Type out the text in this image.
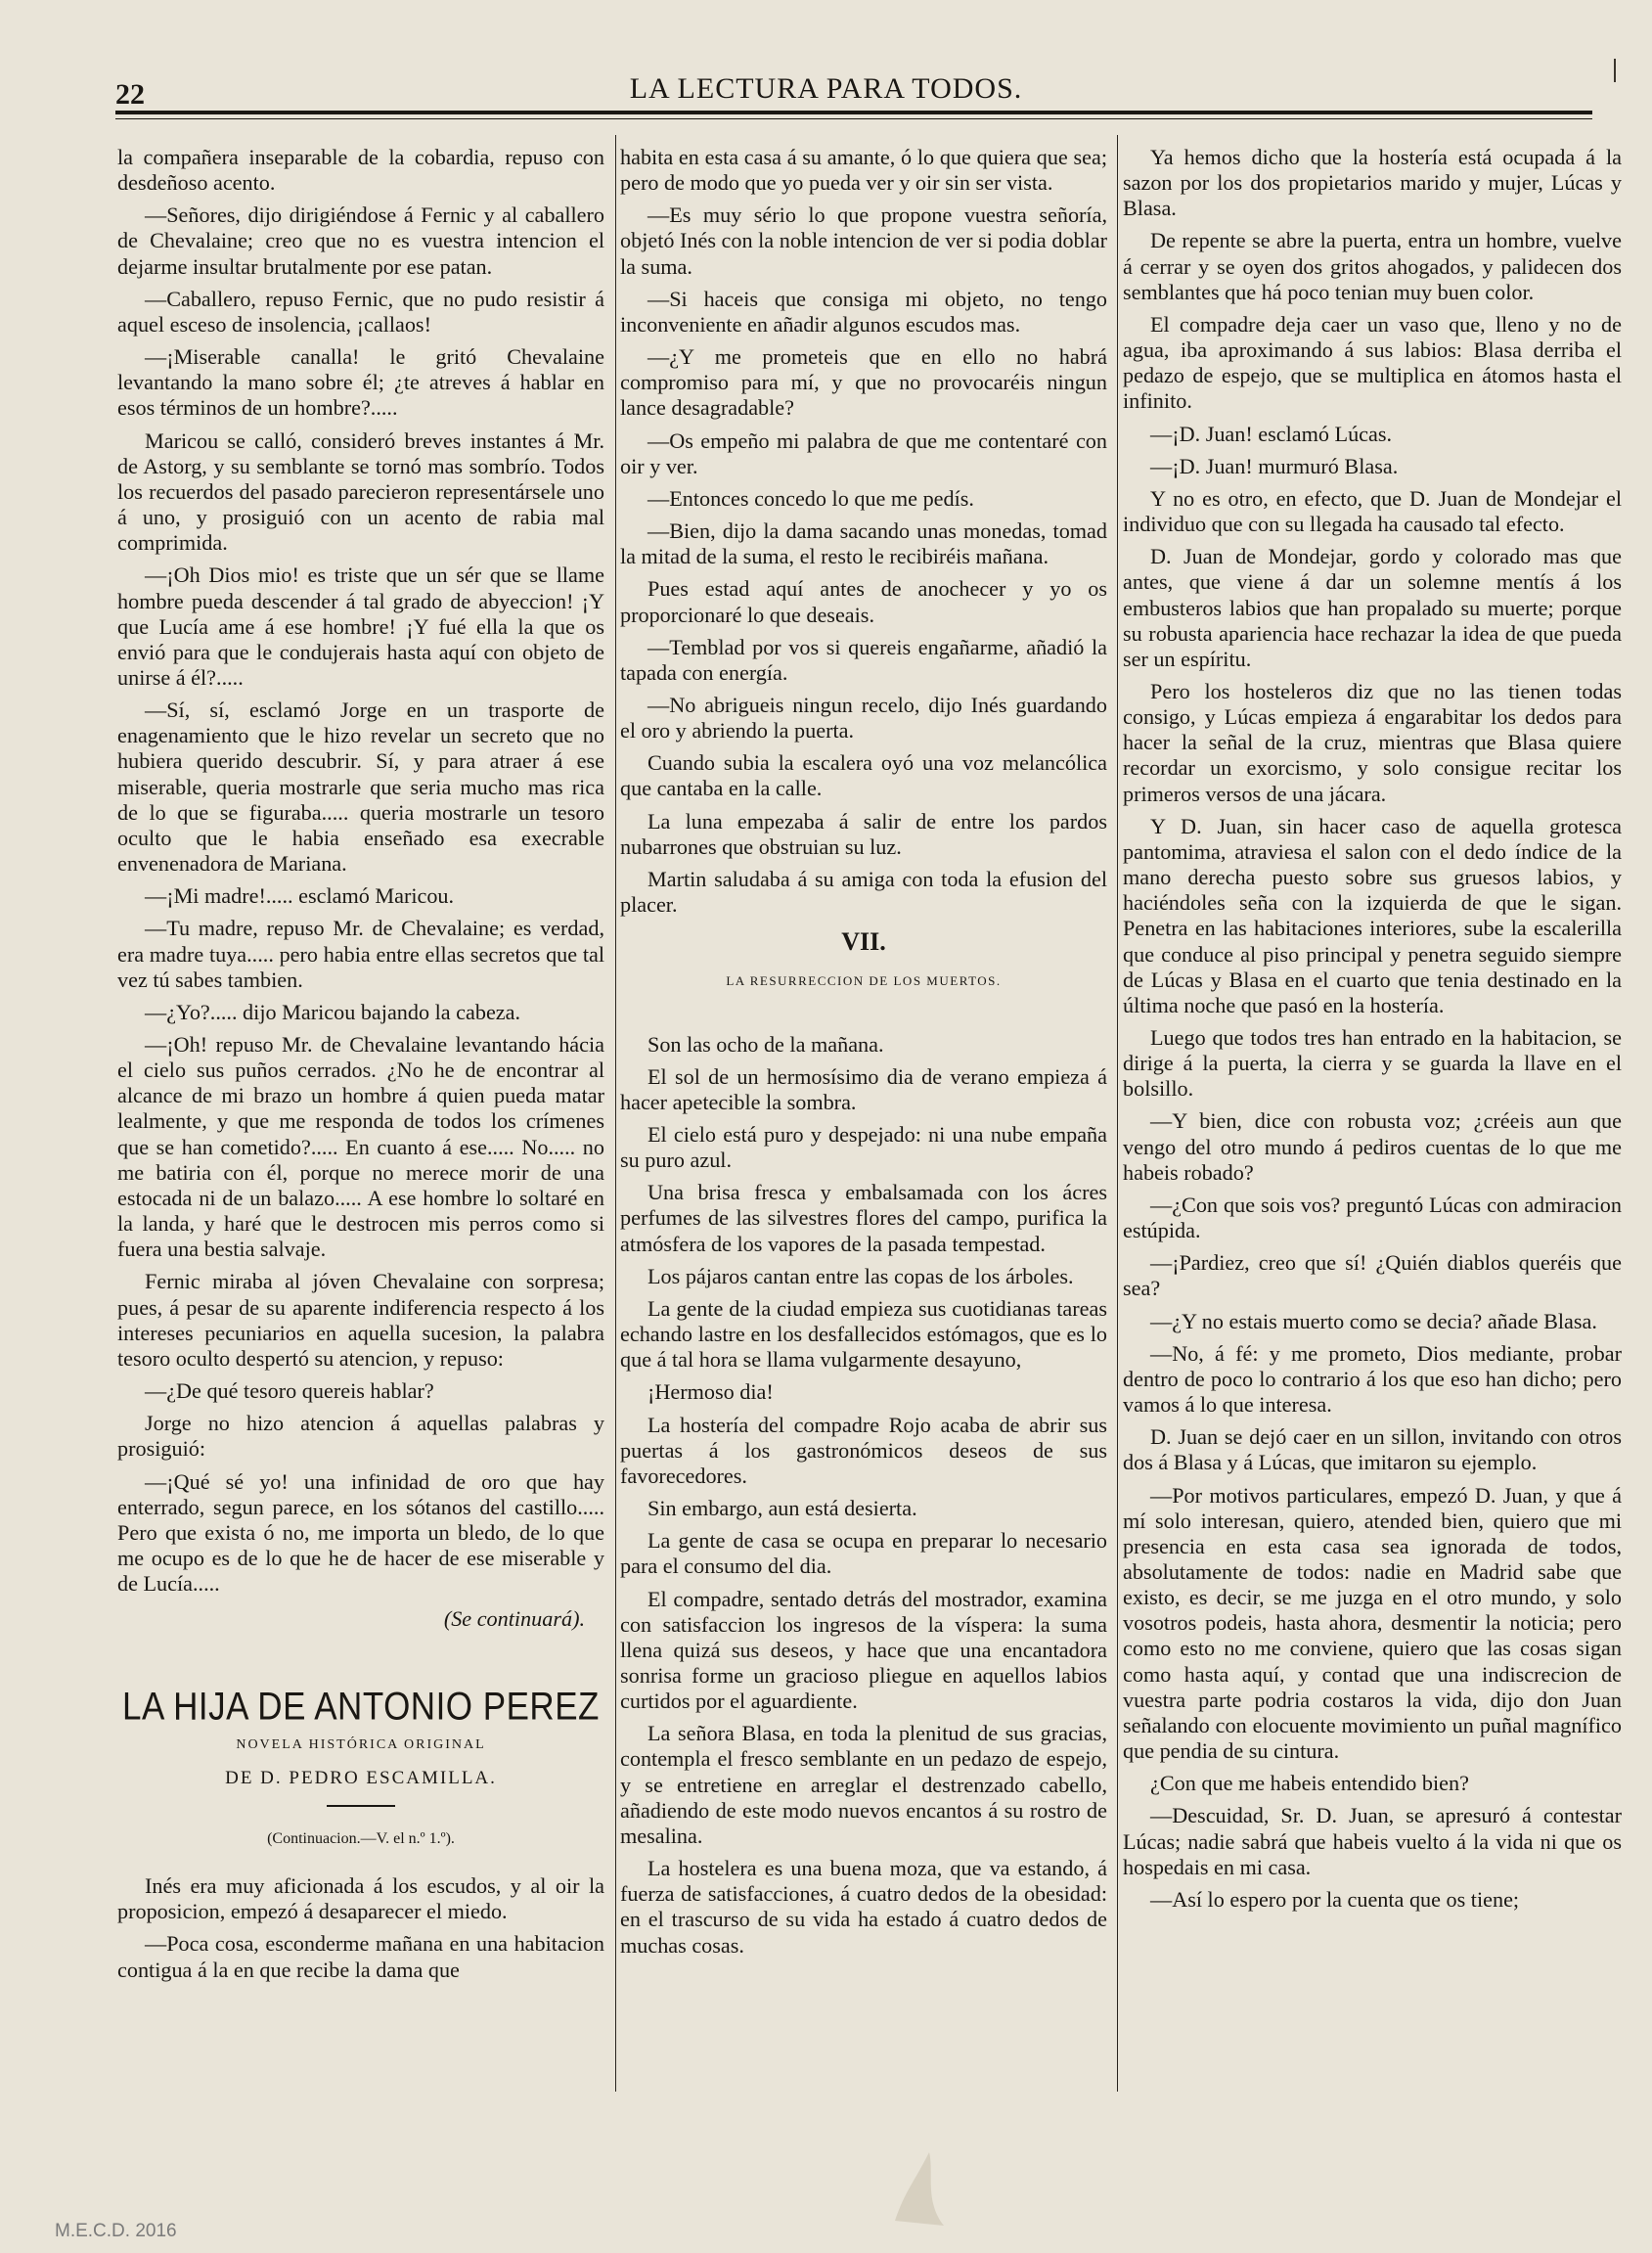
22	LA LECTURA PARA TODOS.

la compañera inseparable de la cobardia, repuso con desdeñoso acento.

—Señores, dijo dirigiéndose á Fernic y al caballero de Chevalaine; creo que no es vuestra intencion el dejarme insultar brutalmente por ese patan.

—Caballero, repuso Fernic, que no pudo resistir á aquel esceso de insolencia, ¡callaos!

—¡Miserable canalla! le gritó Chevalaine levantando la mano sobre él; ¿te atreves á hablar en esos términos de un hombre?.....

Maricou se calló, consideró breves instantes á Mr. de Astorg, y su semblante se tornó mas sombrío. Todos los recuerdos del pasado parecieron representársele uno á uno, y prosiguió con un acento de rabia mal comprimida.

—¡Oh Dios mio! es triste que un sér que se llame hombre pueda descender á tal grado de abyeccion! ¡Y que Lucía ame á ese hombre! ¡Y fué ella la que os envió para que le condujerais hasta aquí con objeto de unirse á él?.....

—Sí, sí, esclamó Jorge en un trasporte de enagenamiento que le hizo revelar un secreto que no hubiera querido descubrir. Sí, y para atraer á ese miserable, queria mostrarle que seria mucho mas rica de lo que se figuraba..... queria mostrarle un tesoro oculto que le habia enseñado esa execrable envenenadora de Mariana.

—¡Mi madre!..... esclamó Maricou.

—Tu madre, repuso Mr. de Chevalaine; es verdad, era madre tuya..... pero habia entre ellas secretos que tal vez tú sabes tambien.

—¿Yo?..... dijo Maricou bajando la cabeza.

—¡Oh! repuso Mr. de Chevalaine levantando hácia el cielo sus puños cerrados. ¿No he de encontrar al alcance de mi brazo un hombre á quien pueda matar lealmente, y que me responda de todos los crímenes que se han cometido?..... En cuanto á ese..... No..... no me batiria con él, porque no merece morir de una estocada ni de un balazo..... A ese hombre lo soltaré en la landa, y haré que le destrocen mis perros como si fuera una bestia salvaje.

Fernic miraba al jóven Chevalaine con sorpresa; pues, á pesar de su aparente indiferencia respecto á los intereses pecuniarios en aquella sucesion, la palabra tesoro oculto despertó su atencion, y repuso:

—¿De qué tesoro quereis hablar?

Jorge no hizo atencion á aquellas palabras y prosiguió:

—¡Qué sé yo! una infinidad de oro que hay enterrado, segun parece, en los sótanos del castillo..... Pero que exista ó no, me importa un bledo, de lo que me ocupo es de lo que he de hacer de ese miserable y de Lucía.....

(Se continuará).

LA HIJA DE ANTONIO PEREZ
NOVELA HISTÓRICA ORIGINAL
DE D. PEDRO ESCAMILLA.
(Continuacion.—V. el n.º 1.º).

Inés era muy aficionada á los escudos, y al oir la proposicion, empezó á desaparecer el miedo.

—Poca cosa, esconderme mañana en una habitacion contigua á la en que recibe la dama que

habita en esta casa á su amante, ó lo que quiera que sea; pero de modo que yo pueda ver y oir sin ser vista.

—Es muy sério lo que propone vuestra señoría, objetó Inés con la noble intencion de ver si podia doblar la suma.

—Si haceis que consiga mi objeto, no tengo inconveniente en añadir algunos escudos mas.

—¿Y me prometeis que en ello no habrá compromiso para mí, y que no provocaréis ningun lance desagradable?

—Os empeño mi palabra de que me contentaré con oir y ver.

—Entonces concedo lo que me pedís.

—Bien, dijo la dama sacando unas monedas, tomad la mitad de la suma, el resto le recibiréis mañana.

Pues estad aquí antes de anochecer y yo os proporcionaré lo que deseais.

—Temblad por vos si quereis engañarme, añadió la tapada con energía.

—No abrigueis ningun recelo, dijo Inés guardando el oro y abriendo la puerta.

Cuando subia la escalera oyó una voz melancólica que cantaba en la calle.

La luna empezaba á salir de entre los pardos nubarrones que obstruian su luz.

Martin saludaba á su amiga con toda la efusion del placer.

VII.
LA RESURRECCION DE LOS MUERTOS.

Son las ocho de la mañana.

El sol de un hermosísimo dia de verano empieza á hacer apetecible la sombra.

El cielo está puro y despejado: ni una nube empaña su puro azul.

Una brisa fresca y embalsamada con los ácres perfumes de las silvestres flores del campo, purifica la atmósfera de los vapores de la pasada tempestad.

Los pájaros cantan entre las copas de los árboles.

La gente de la ciudad empieza sus cuotidianas tareas echando lastre en los desfallecidos estómagos, que es lo que á tal hora se llama vulgarmente desayuno,

¡Hermoso dia!

La hostería del compadre Rojo acaba de abrir sus puertas á los gastronómicos deseos de sus favorecedores.

Sin embargo, aun está desierta.

La gente de casa se ocupa en preparar lo necesario para el consumo del dia.

El compadre, sentado detrás del mostrador, examina con satisfaccion los ingresos de la víspera: la suma llena quizá sus deseos, y hace que una encantadora sonrisa forme un gracioso pliegue en aquellos labios curtidos por el aguardiente.

La señora Blasa, en toda la plenitud de sus gracias, contempla el fresco semblante en un pedazo de espejo, y se entretiene en arreglar el destrenzado cabello, añadiendo de este modo nuevos encantos á su rostro de mesalina.

La hostelera es una buena moza, que va estando, á fuerza de satisfacciones, á cuatro dedos de la obesidad: en el trascurso de su vida ha estado á cuatro dedos de muchas cosas.

Ya hemos dicho que la hostería está ocupada á la sazon por los dos propietarios marido y mujer, Lúcas y Blasa.

De repente se abre la puerta, entra un hombre, vuelve á cerrar y se oyen dos gritos ahogados, y palidecen dos semblantes que há poco tenian muy buen color.

El compadre deja caer un vaso que, lleno y no de agua, iba aproximando á sus labios: Blasa derriba el pedazo de espejo, que se multiplica en átomos hasta el infinito.

—¡D. Juan! esclamó Lúcas.

—¡D. Juan! murmuró Blasa.

Y no es otro, en efecto, que D. Juan de Mondejar el individuo que con su llegada ha causado tal efecto.

D. Juan de Mondejar, gordo y colorado mas que antes, que viene á dar un solemne mentís á los embusteros labios que han propalado su muerte; porque su robusta apariencia hace rechazar la idea de que pueda ser un espíritu.

Pero los hosteleros diz que no las tienen todas consigo, y Lúcas empieza á engarabitar los dedos para hacer la señal de la cruz, mientras que Blasa quiere recordar un exorcismo, y solo consigue recitar los primeros versos de una jácara.

Y D. Juan, sin hacer caso de aquella grotesca pantomima, atraviesa el salon con el dedo índice de la mano derecha puesto sobre sus gruesos labios, y haciéndoles seña con la izquierda de que le sigan. Penetra en las habitaciones interiores, sube la escalerilla que conduce al piso principal y penetra seguido siempre de Lúcas y Blasa en el cuarto que tenia destinado en la última noche que pasó en la hostería.

Luego que todos tres han entrado en la habitacion, se dirige á la puerta, la cierra y se guarda la llave en el bolsillo.

—Y bien, dice con robusta voz; ¿créeis aun que vengo del otro mundo á pediros cuentas de lo que me habeis robado?

—¿Con que sois vos? preguntó Lúcas con admiracion estúpida.

—¡Pardiez, creo que sí! ¿Quién diablos queréis que sea?

—¿Y no estais muerto como se decia? añade Blasa.

—No, á fé: y me prometo, Dios mediante, probar dentro de poco lo contrario á los que eso han dicho; pero vamos á lo que interesa.

D. Juan se dejó caer en un sillon, invitando con otros dos á Blasa y á Lúcas, que imitaron su ejemplo.

—Por motivos particulares, empezó D. Juan, y que á mí solo interesan, quiero, atended bien, quiero que mi presencia en esta casa sea ignorada de todos, absolutamente de todos: nadie en Madrid sabe que existo, es decir, se me juzga en el otro mundo, y solo vosotros podeis, hasta ahora, desmentir la noticia; pero como esto no me conviene, quiero que las cosas sigan como hasta aquí, y contad que una indiscrecion de vuestra parte podria costaros la vida, dijo don Juan señalando con elocuente movimiento un puñal magnífico que pendia de su cintura.

¿Con que me habeis entendido bien?

—Descuidad, Sr. D. Juan, se apresuró á contestar Lúcas; nadie sabrá que habeis vuelto á la vida ni que os hospedais en mi casa.

—Así lo espero por la cuenta que os tiene;

M.E.C.D. 2016
